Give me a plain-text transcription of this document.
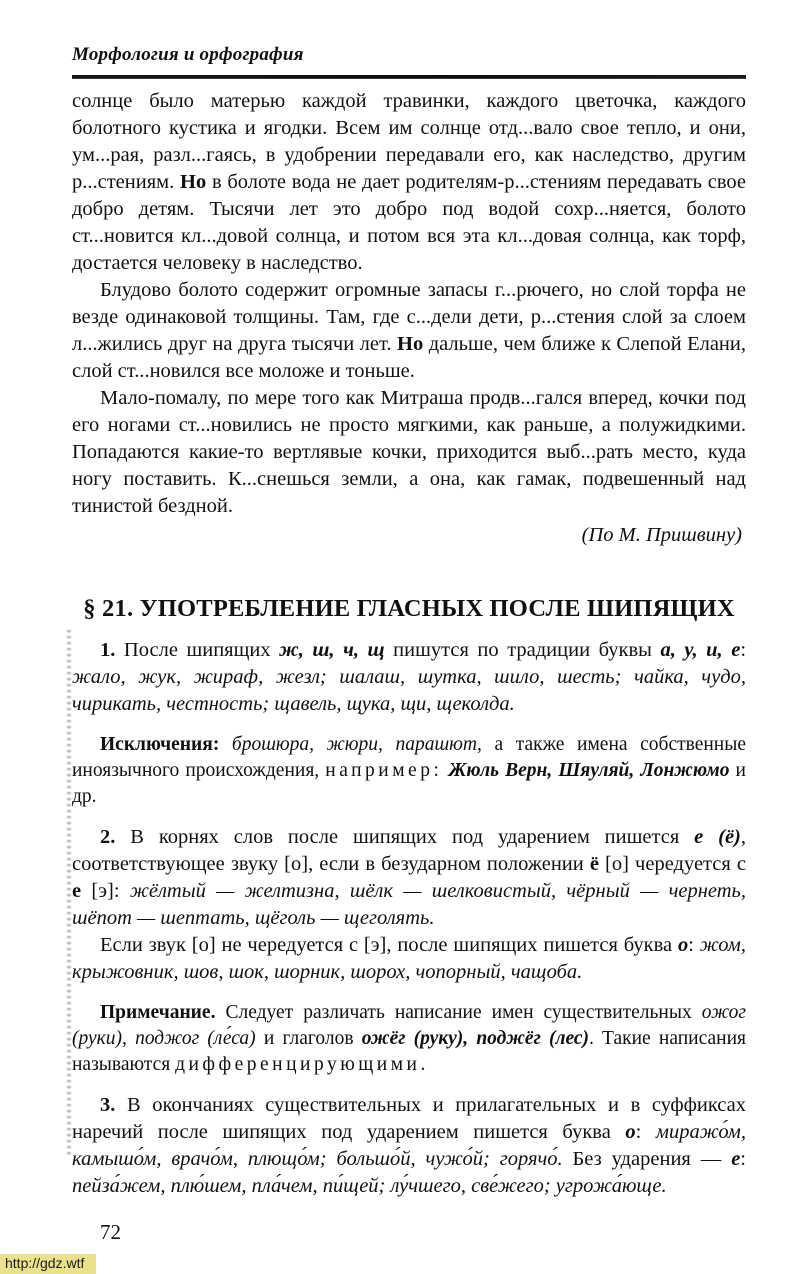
Морфология и орфография

солнце было матерью каждой травинки, каждого цветочка, каждого болотного кустика и ягодки. Всем им солнце отд...вало свое тепло, и они, ум...рая, разл...гаясь, в удобрении передавали его, как наследство, другим р...стениям. Но в болоте вода не дает родителям-р...стениям передавать свое добро детям. Тысячи лет это добро под водой сохр...няется, болото ст...новится кл...довой солнца, и потом вся эта кл...довая солнца, как торф, достается человеку в наследство.

Блудово болото содержит огромные запасы г...рючего, но слой торфа не везде одинаковой толщины. Там, где с...дели дети, р...стения слой за слоем л...жились друг на друга тысячи лет. Но дальше, чем ближе к Слепой Елани, слой ст...новился все моложе и тоньше.

Мало-помалу, по мере того как Митраша продв...гался вперед, кочки под его ногами ст...новились не просто мягкими, как раньше, а полужидкими. Попадаются какие-то вертлявые кочки, приходится выб...рать место, куда ногу поставить. К...снешься земли, а она, как гамак, подвешенный над тинистой бездной.

(По М. Пришвину)
§ 21. УПОТРЕБЛЕНИЕ ГЛАСНЫХ ПОСЛЕ ШИПЯЩИХ

1. После шипящих ж, ш, ч, щ пишутся по традиции буквы а, у, и, е: жало, жук, жираф, жезл; шалаш, шутка, шило, шесть; чайка, чудо, чирикать, честность; щавель, щука, щи, щеколда.

Исключения: брошюра, жюри, парашют, а также имена собственные иноязычного происхождения, например: Жюль Верн, Шяуляй, Лонжюмо и др.

2. В корнях слов после шипящих под ударением пишется е (ё), соответствующее звуку [о], если в безударном положении ё [о] чередуется с е [э]: жёлтый — желтизна, шёлк — шелковистый, чёрный — чернеть, шёпот — шептать, щёголь — щеголять.

Если звук [о] не чередуется с [э], после шипящих пишется буква о: жом, крыжовник, шов, шок, шорник, шорох, чопорный, чащоба.

Примечание. Следует различать написание имен существительных ожог (руки), поджог (ле́са) и глаголов ожёг (руку), поджёг (лес). Такие написания называются дифференцирующими.

3. В окончаниях существительных и прилагательных и в суффиксах наречий после шипящих под ударением пишется буква о: миражо́м, камышо́м, врачо́м, плющо́м; большо́й, чужо́й; горячо́. Без ударения — е: пейза́жем, плю́шем, пла́чем, пи́щей; лу́чшего, све́жего; угрожа́юще.

72
http://gdz.wtf
